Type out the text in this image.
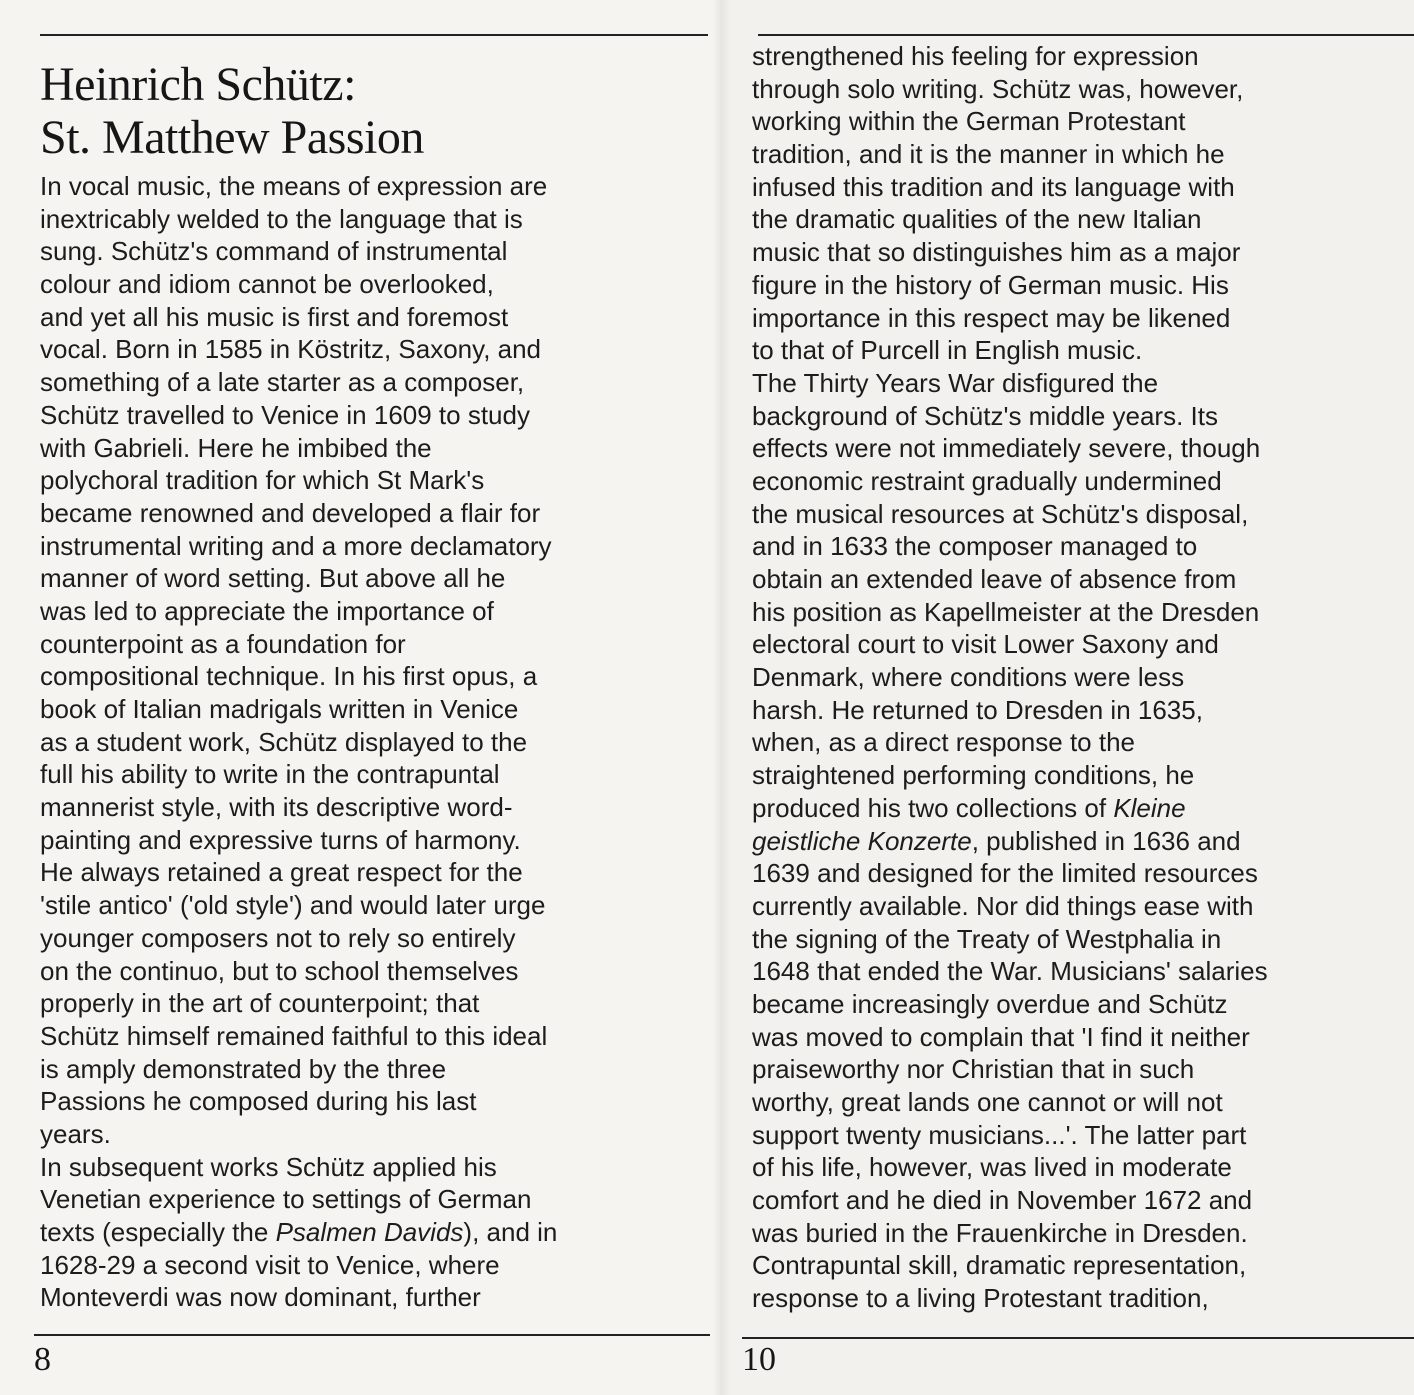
Heinrich Schütz:
St. Matthew Passion
In vocal music, the means of expression are
inextricably welded to the language that is
sung. Schütz's command of instrumental
colour and idiom cannot be overlooked,
and yet all his music is first and foremost
vocal. Born in 1585 in Köstritz, Saxony, and
something of a late starter as a composer,
Schütz travelled to Venice in 1609 to study
with Gabrieli. Here he imbibed the
polychoral tradition for which St Mark's
became renowned and developed a flair for
instrumental writing and a more declamatory
manner of word setting. But above all he
was led to appreciate the importance of
counterpoint as a foundation for
compositional technique. In his first opus, a
book of Italian madrigals written in Venice
as a student work, Schütz displayed to the
full his ability to write in the contrapuntal
mannerist style, with its descriptive word-
painting and expressive turns of harmony.
He always retained a great respect for the
'stile antico' ('old style') and would later urge
younger composers not to rely so entirely
on the continuo, but to school themselves
properly in the art of counterpoint; that
Schütz himself remained faithful to this ideal
is amply demonstrated by the three
Passions he composed during his last
years.
In subsequent works Schütz applied his
Venetian experience to settings of German
texts (especially the Psalmen Davids), and in
1628-29 a second visit to Venice, where
Monteverdi was now dominant, further
strengthened his feeling for expression
through solo writing. Schütz was, however,
working within the German Protestant
tradition, and it is the manner in which he
infused this tradition and its language with
the dramatic qualities of the new Italian
music that so distinguishes him as a major
figure in the history of German music. His
importance in this respect may be likened
to that of Purcell in English music.
The Thirty Years War disfigured the
background of Schütz's middle years. Its
effects were not immediately severe, though
economic restraint gradually undermined
the musical resources at Schütz's disposal,
and in 1633 the composer managed to
obtain an extended leave of absence from
his position as Kapellmeister at the Dresden
electoral court to visit Lower Saxony and
Denmark, where conditions were less
harsh. He returned to Dresden in 1635,
when, as a direct response to the
straightened performing conditions, he
produced his two collections of Kleine
geistliche Konzerte, published in 1636 and
1639 and designed for the limited resources
currently available. Nor did things ease with
the signing of the Treaty of Westphalia in
1648 that ended the War. Musicians' salaries
became increasingly overdue and Schütz
was moved to complain that 'I find it neither
praiseworthy nor Christian that in such
worthy, great lands one cannot or will not
support twenty musicians...'. The latter part
of his life, however, was lived in moderate
comfort and he died in November 1672 and
was buried in the Frauenkirche in Dresden.
Contrapuntal skill, dramatic representation,
response to a living Protestant tradition,
8	10
